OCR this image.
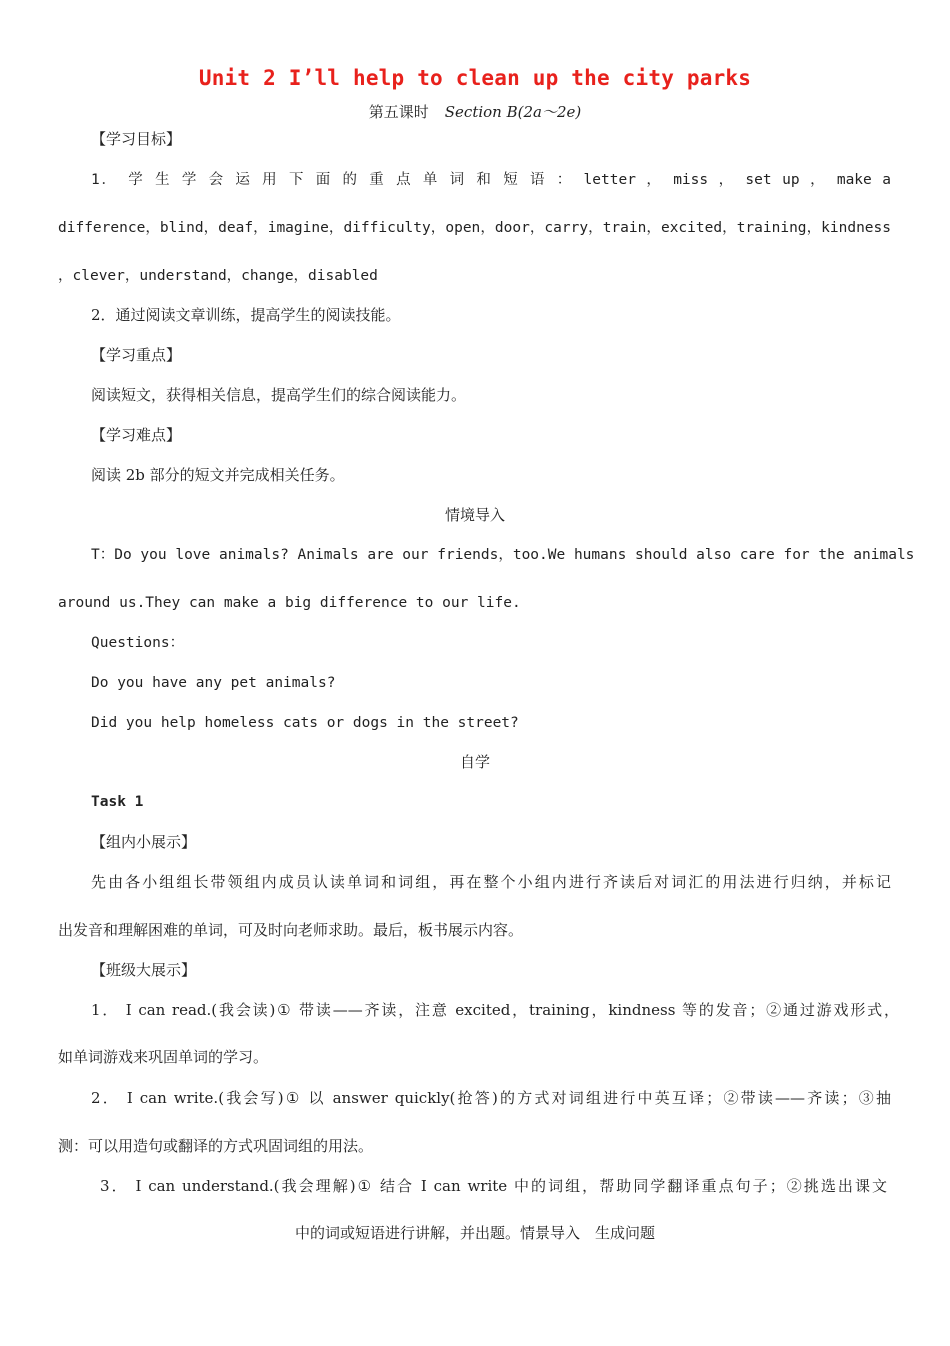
Unit 2 I’ll help to clean up the city parks
第五课时 Section B(2a～2e)
【学习目标】
1． 学 生 学 会 运 用 下 面 的 重 点 单 词 和 短 语 ： letter ， miss ， set up ， make a
difference，blind，deaf，imagine，difficulty，open，door，carry，train，excited，training，kindness
，clever，understand，change，disabled
2．通过阅读文章训练，提高学生的阅读技能。
【学习重点】
阅读短文，获得相关信息，提高学生们的综合阅读能力。
【学习难点】
阅读 2b 部分的短文并完成相关任务。
情境导入
T：Do you love animals? Animals are our friends，too.We humans should also care for the animals
around us.They can make a big difference to our life.
Questions：
Do you have any pet animals?
Did you help homeless cats or dogs in the street?
自学
Task 1
【组内小展示】
先由各小组组长带领组内成员认读单词和词组，再在整个小组内进行齐读后对词汇的用法进行归纳，并标记
出发音和理解困难的单词，可及时向老师求助。最后，板书展示内容。
【班级大展示】
1． I can read.(我会读)① 带读——齐读，注意 excited，training，kindness 等的发音；②通过游戏形式，
如单词游戏来巩固单词的学习。
2． I can write.(我会写)① 以 answer quickly(抢答)的方式对词组进行中英互译；②带读——齐读；③抽
测：可以用造句或翻译的方式巩固词组的用法。
3． I can understand.(我会理解)① 结合 I can write 中的词组，帮助同学翻译重点句子；②挑选出课文
中的词或短语进行讲解，并出题。情景导入　生成问题
